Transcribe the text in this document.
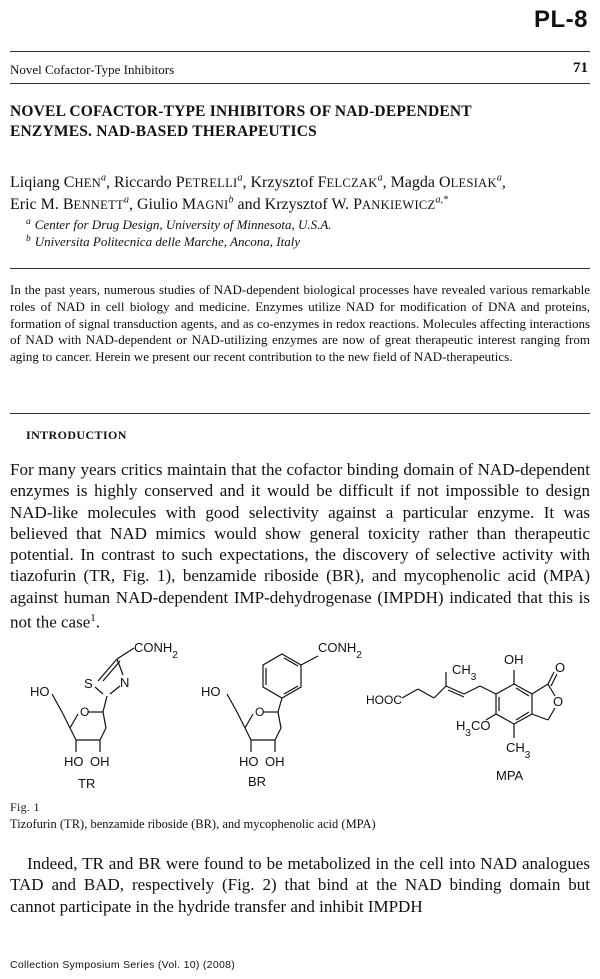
PL-8
Novel Cofactor-Type Inhibitors	71
NOVEL COFACTOR-TYPE INHIBITORS OF NAD-DEPENDENT
ENZYMES. NAD-BASED THERAPEUTICS
Liqiang CHEN$^a$, Riccardo PETRELLI$^a$, Krzysztof FELCZAK$^a$, Magda OLESIAK$^a$,
Eric M. BENNETT$^a$, Giulio MAGNI$^b$ and Krzysztof W. $PANKIEWICZ^{a,*}$
$^a$ Center for Drug Design, University of Minnesota, U.S.A.
$^b$ Universita Politecnica delle Marche, Ancona, Italy
In the past years, numerous studies of NAD-dependent biological processes have revealed various remarkable roles of NAD in cell biology and medicine. Enzymes utilize NAD for modification of DNA and proteins, formation of signal transduction agents, and as co-enzymes in redox reactions. Molecules affecting interactions of NAD with NAD-dependent or NAD-utilizing enzymes are now of great therapeutic interest ranging from aging to cancer. Herein we present our recent contribution to the new field of NAD-therapeutics.
INTRODUCTION
For many years critics maintain that the cofactor binding domain of NAD-dependent enzymes is highly conserved and it would be difficult if not impossible to design NAD-like molecules with good selectivity against a particular enzyme. It was believed that NAD mimics would show general toxicity rather than therapeutic potential. In contrast to such expectations, the discovery of selective activity with tiazofurin (TR, Fig. 1), benzamide riboside (BR), and mycophenolic acid (MPA) against human NAD-dependent IMP-dehydrogenase (IMPDH) indicated that this is not the case$^1$.
$CONH_2$
S N
O
HO
HO OH
TR
$CONH_2$
O
HO
HO OH
BR
$CH_3$
OH
HOOC
O
O
$H_3CO$
$CH_3$
MPA
Fig. 1
Tizofurin (TR), benzamide riboside (BR), and mycophenolic acid (MPA)
Indeed, TR and BR were found to be metabolized in the cell into NAD analogues TAD and BAD, respectively (Fig. 2) that bind at the NAD binding domain but cannot participate in the hydride transfer and inhibit IMPDH
Collection Symposium Series (Vol. 10) (2008)
